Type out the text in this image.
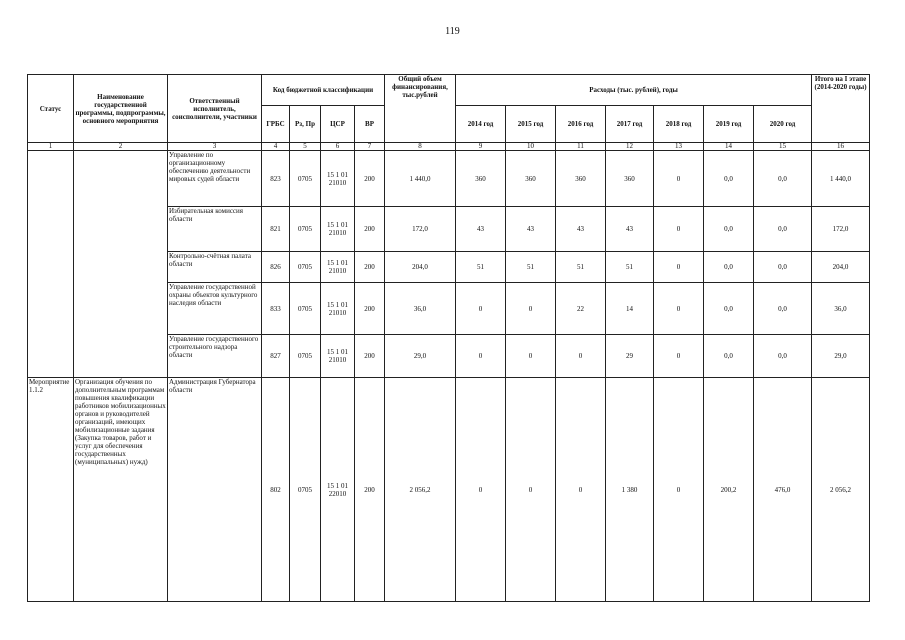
119
Статус	Наименование государственной программы, подпрограммы, основного мероприятия	Ответственный исполнитель, соисполнители, участники	Код бюджетной классификации				Общий объем финансирования, тыс.рублей	Расходы (тыс. рублей), годы							Итого на I этапе (2014-2020 годы)
			ГРБС	Рз, Пр	ЦСР	ВР		2014 год	2015 год	2016 год	2017 год	2018 год	2019 год	2020 год	
1	2	3	4	5	6	7	8	9	10	11	12	13	14	15	16
		Управление по организационному обеспечению деятельности мировых судей области	823	0705	15 1 01 21010	200	1 440,0	360	360	360	360	0	0,0	0,0	1 440,0
		Избирательная комиссия области	821	0705	15 1 01 21010	200	172,0	43	43	43	43	0	0,0	0,0	172,0
		Контрольно-счётная палата области	826	0705	15 1 01 21010	200	204,0	51	51	51	51	0	0,0	0,0	204,0
		Управление государственной охраны объектов культурного наследия области	833	0705	15 1 01 21010	200	36,0	0	0	22	14	0	0,0	0,0	36,0
		Управление государственного строительного надзора области	827	0705	15 1 01 21010	200	29,0	0	0	0	29	0	0,0	0,0	29,0
Мероприятие 1.1.2	Организация обучения по дополнительным программам повышения квалификации работников мобилизационных органов и руководителей организаций, имеющих мобилизационные задания (Закупка товаров, работ и услуг для обеспечения государственных (муниципальных) нужд)	Администрация Губернатора области	802	0705	15 1 01 22010	200	2 056,2	0	0	0	1 380	0	200,2	476,0	2 056,2
